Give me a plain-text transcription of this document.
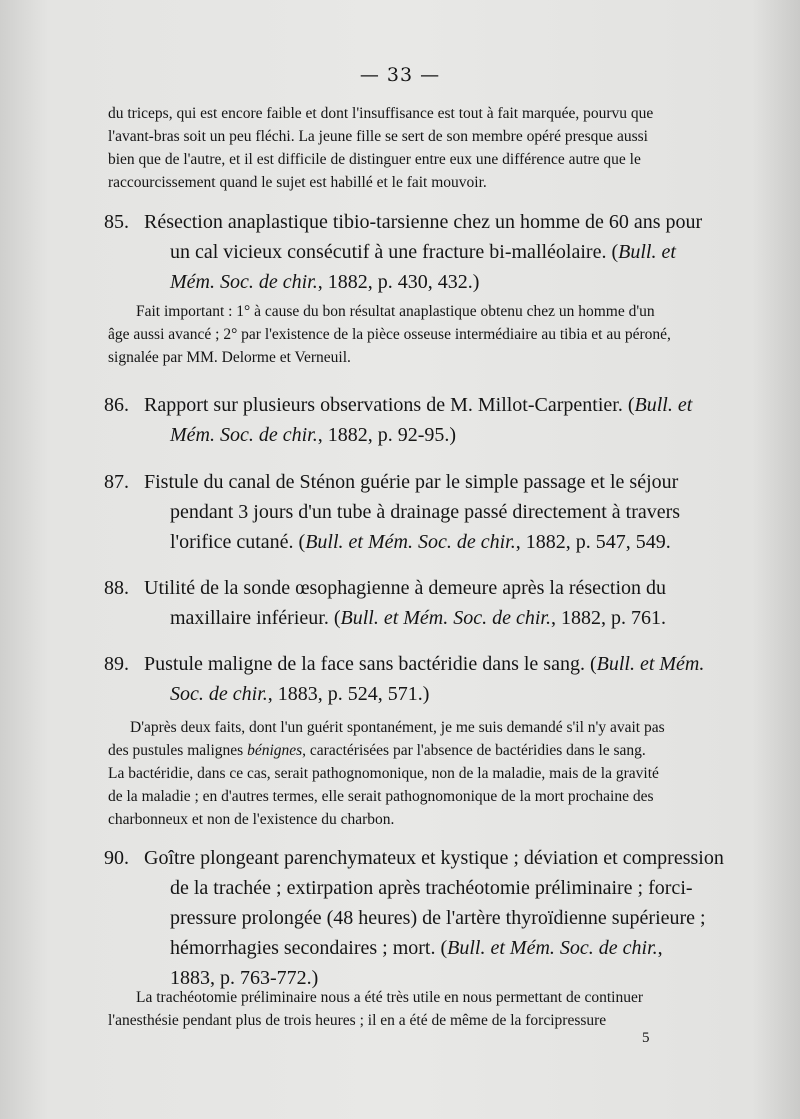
— 33 —

du triceps, qui est encore faible et dont l'insuffisance est tout à fait marquée, pourvu que

l'avant-bras soit un peu fléchi. La jeune fille se sert de son membre opéré presque aussi

bien que de l'autre, et il est difficile de distinguer entre eux une différence autre que le

raccourcissement quand le sujet est habillé et le fait mouvoir.

85. Résection anaplastique tibio-tarsienne chez un homme de 60 ans pour

un cal vicieux consécutif à une fracture bi-malléolaire. (Bull. et

Mém. Soc. de chir., 1882, p. 430, 432.)

Fait important : 1° à cause du bon résultat anaplastique obtenu chez un homme d'un

âge aussi avancé ; 2° par l'existence de la pièce osseuse intermédiaire au tibia et au péroné,

signalée par MM. Delorme et Verneuil.

86. Rapport sur plusieurs observations de M. Millot-Carpentier. (Bull. et

Mém. Soc. de chir., 1882, p. 92-95.)

87. Fistule du canal de Sténon guérie par le simple passage et le séjour

pendant 3 jours d'un tube à drainage passé directement à travers

l'orifice cutané. (Bull. et Mém. Soc. de chir., 1882, p. 547, 549.

88. Utilité de la sonde œsophagienne à demeure après la résection du

maxillaire inférieur. (Bull. et Mém. Soc. de chir., 1882, p. 761.

89. Pustule maligne de la face sans bactéridie dans le sang. (Bull. et Mém.

Soc. de chir., 1883, p. 524, 571.)

D'après deux faits, dont l'un guérit spontanément, je me suis demandé s'il n'y avait pas

des pustules malignes bénignes, caractérisées par l'absence de bactéridies dans le sang.

La bactéridie, dans ce cas, serait pathognomonique, non de la maladie, mais de la gravité

de la maladie ; en d'autres termes, elle serait pathognomonique de la mort prochaine des

charbonneux et non de l'existence du charbon.

90. Goître plongeant parenchymateux et kystique ; déviation et compression

de la trachée ; extirpation après trachéotomie préliminaire ; forci-

pressure prolongée (48 heures) de l'artère thyroïdienne supérieure ;

hémorrhagies secondaires ; mort. (Bull. et Mém. Soc. de chir.,

1883, p. 763-772.)

La trachéotomie préliminaire nous a été très utile en nous permettant de continuer

l'anesthésie pendant plus de trois heures ; il en a été de même de la forcipressure

5
